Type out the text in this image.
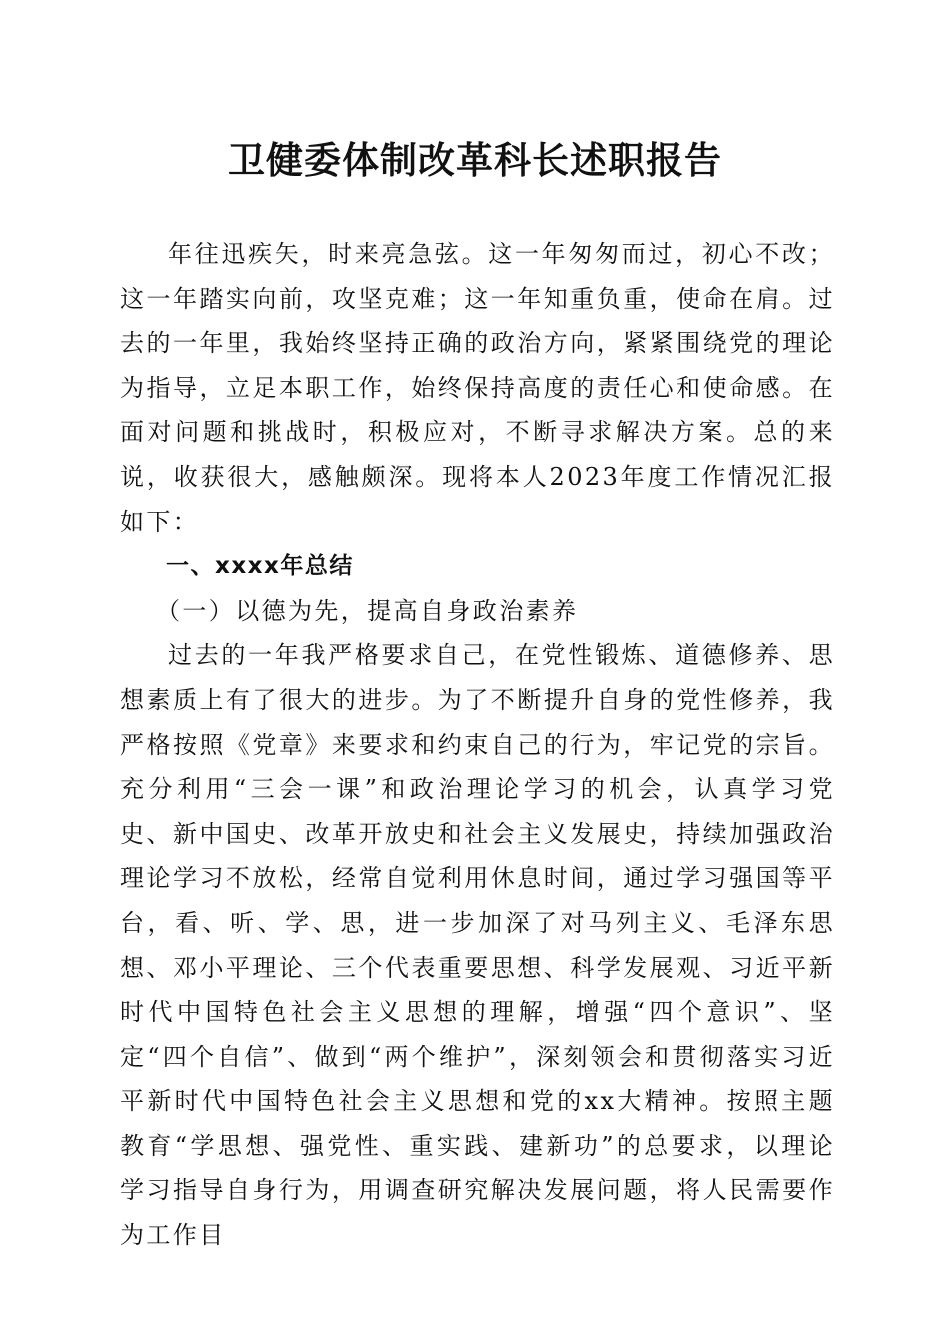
卫健委体制改革科长述职报告

年往迅疾矢，时来亮急弦。这一年匆匆而过，初心不改；这一年踏实向前，攻坚克难；这一年知重负重，使命在肩。过去的一年里，我始终坚持正确的政治方向，紧紧围绕党的理论为指导，立足本职工作，始终保持高度的责任心和使命感。在面对问题和挑战时，积极应对，不断寻求解决方案。总的来说，收获很大，感触颇深。现将本人2023年度工作情况汇报如下：

一、xxxx年总结

（一）以德为先，提高自身政治素养

过去的一年我严格要求自己，在党性锻炼、道德修养、思想素质上有了很大的进步。为了不断提升自身的党性修养，我严格按照《党章》来要求和约束自己的行为，牢记党的宗旨。充分利用“三会一课”和政治理论学习的机会，认真学习党史、新中国史、改革开放史和社会主义发展史，持续加强政治理论学习不放松，经常自觉利用休息时间，通过学习强国等平台，看、听、学、思，进一步加深了对马列主义、毛泽东思想、邓小平理论、三个代表重要思想、科学发展观、习近平新时代中国特色社会主义思想的理解，增强“四个意识”、坚定“四个自信”、做到“两个维护”，深刻领会和贯彻落实习近平新时代中国特色社会主义思想和党的xx大精神。按照主题教育“学思想、强党性、重实践、建新功”的总要求，以理论学习指导自身行为，用调查研究解决发展问题，将人民需要作为工作目
